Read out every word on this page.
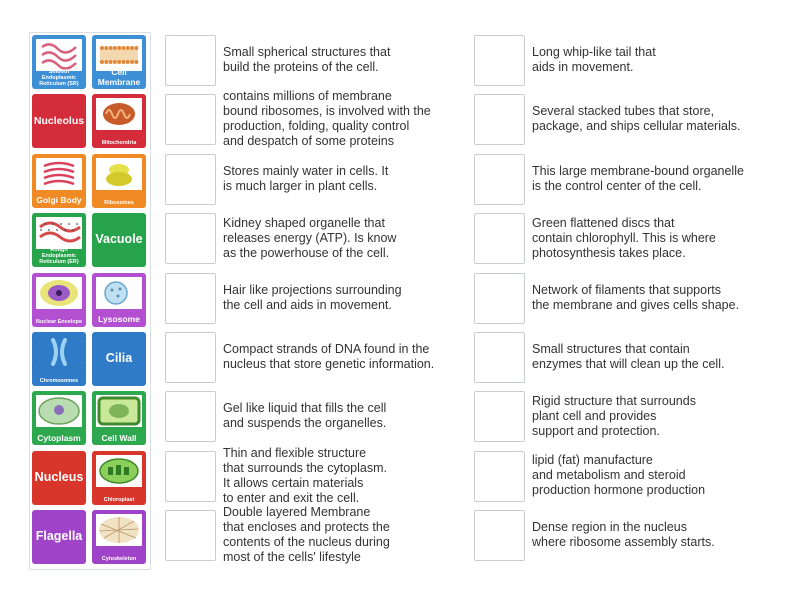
Smooth Endoplasmic Reticulum (SR)
Cell Membrane
Nucleolus
Mitochondria
Golgi Body	Ribosomes
Rough Endoplasmic Reticulum (ER)
Vacuole
Nuclear Envelope	Lysosome
Chromosomes
Cilia
Cytoplasm	Cell Wall
Nucleus
Chloroplast
Flagella
Cytoskeleton
Small spherical structures that
build the proteins of the cell.
contains millions of membrane
bound ribosomes, is involved with the
production, folding, quality control
and despatch of some proteins
Stores mainly water in cells. It
is much larger in plant cells.
Kidney shaped organelle that
releases energy (ATP). Is know
as the powerhouse of the cell.
Hair like projections surrounding
the cell and aids in movement.
Compact strands of DNA found in the
nucleus that store genetic information.
Gel like liquid that fills the cell
and suspends the organelles.
Thin and flexible structure
that surrounds the cytoplasm.
It allows certain materials
to enter and exit the cell.
Double layered Membrane
that encloses and protects the
contents of the nucleus during
most of the cells' lifestyle
Long whip-like tail that
aids in movement.
Several stacked tubes that store,
package, and ships cellular materials.
This large membrane-bound organelle
is the control center of the cell.
Green flattened discs that
contain chlorophyll. This is where
photosynthesis takes place.
Network of filaments that supports
the membrane and gives cells shape.
Small structures that contain
enzymes that will clean up the cell.
Rigid structure that surrounds
plant cell and provides
support and protection.
lipid (fat) manufacture
and metabolism and steroid
production hormone production
Dense region in the nucleus
where ribosome assembly starts.
